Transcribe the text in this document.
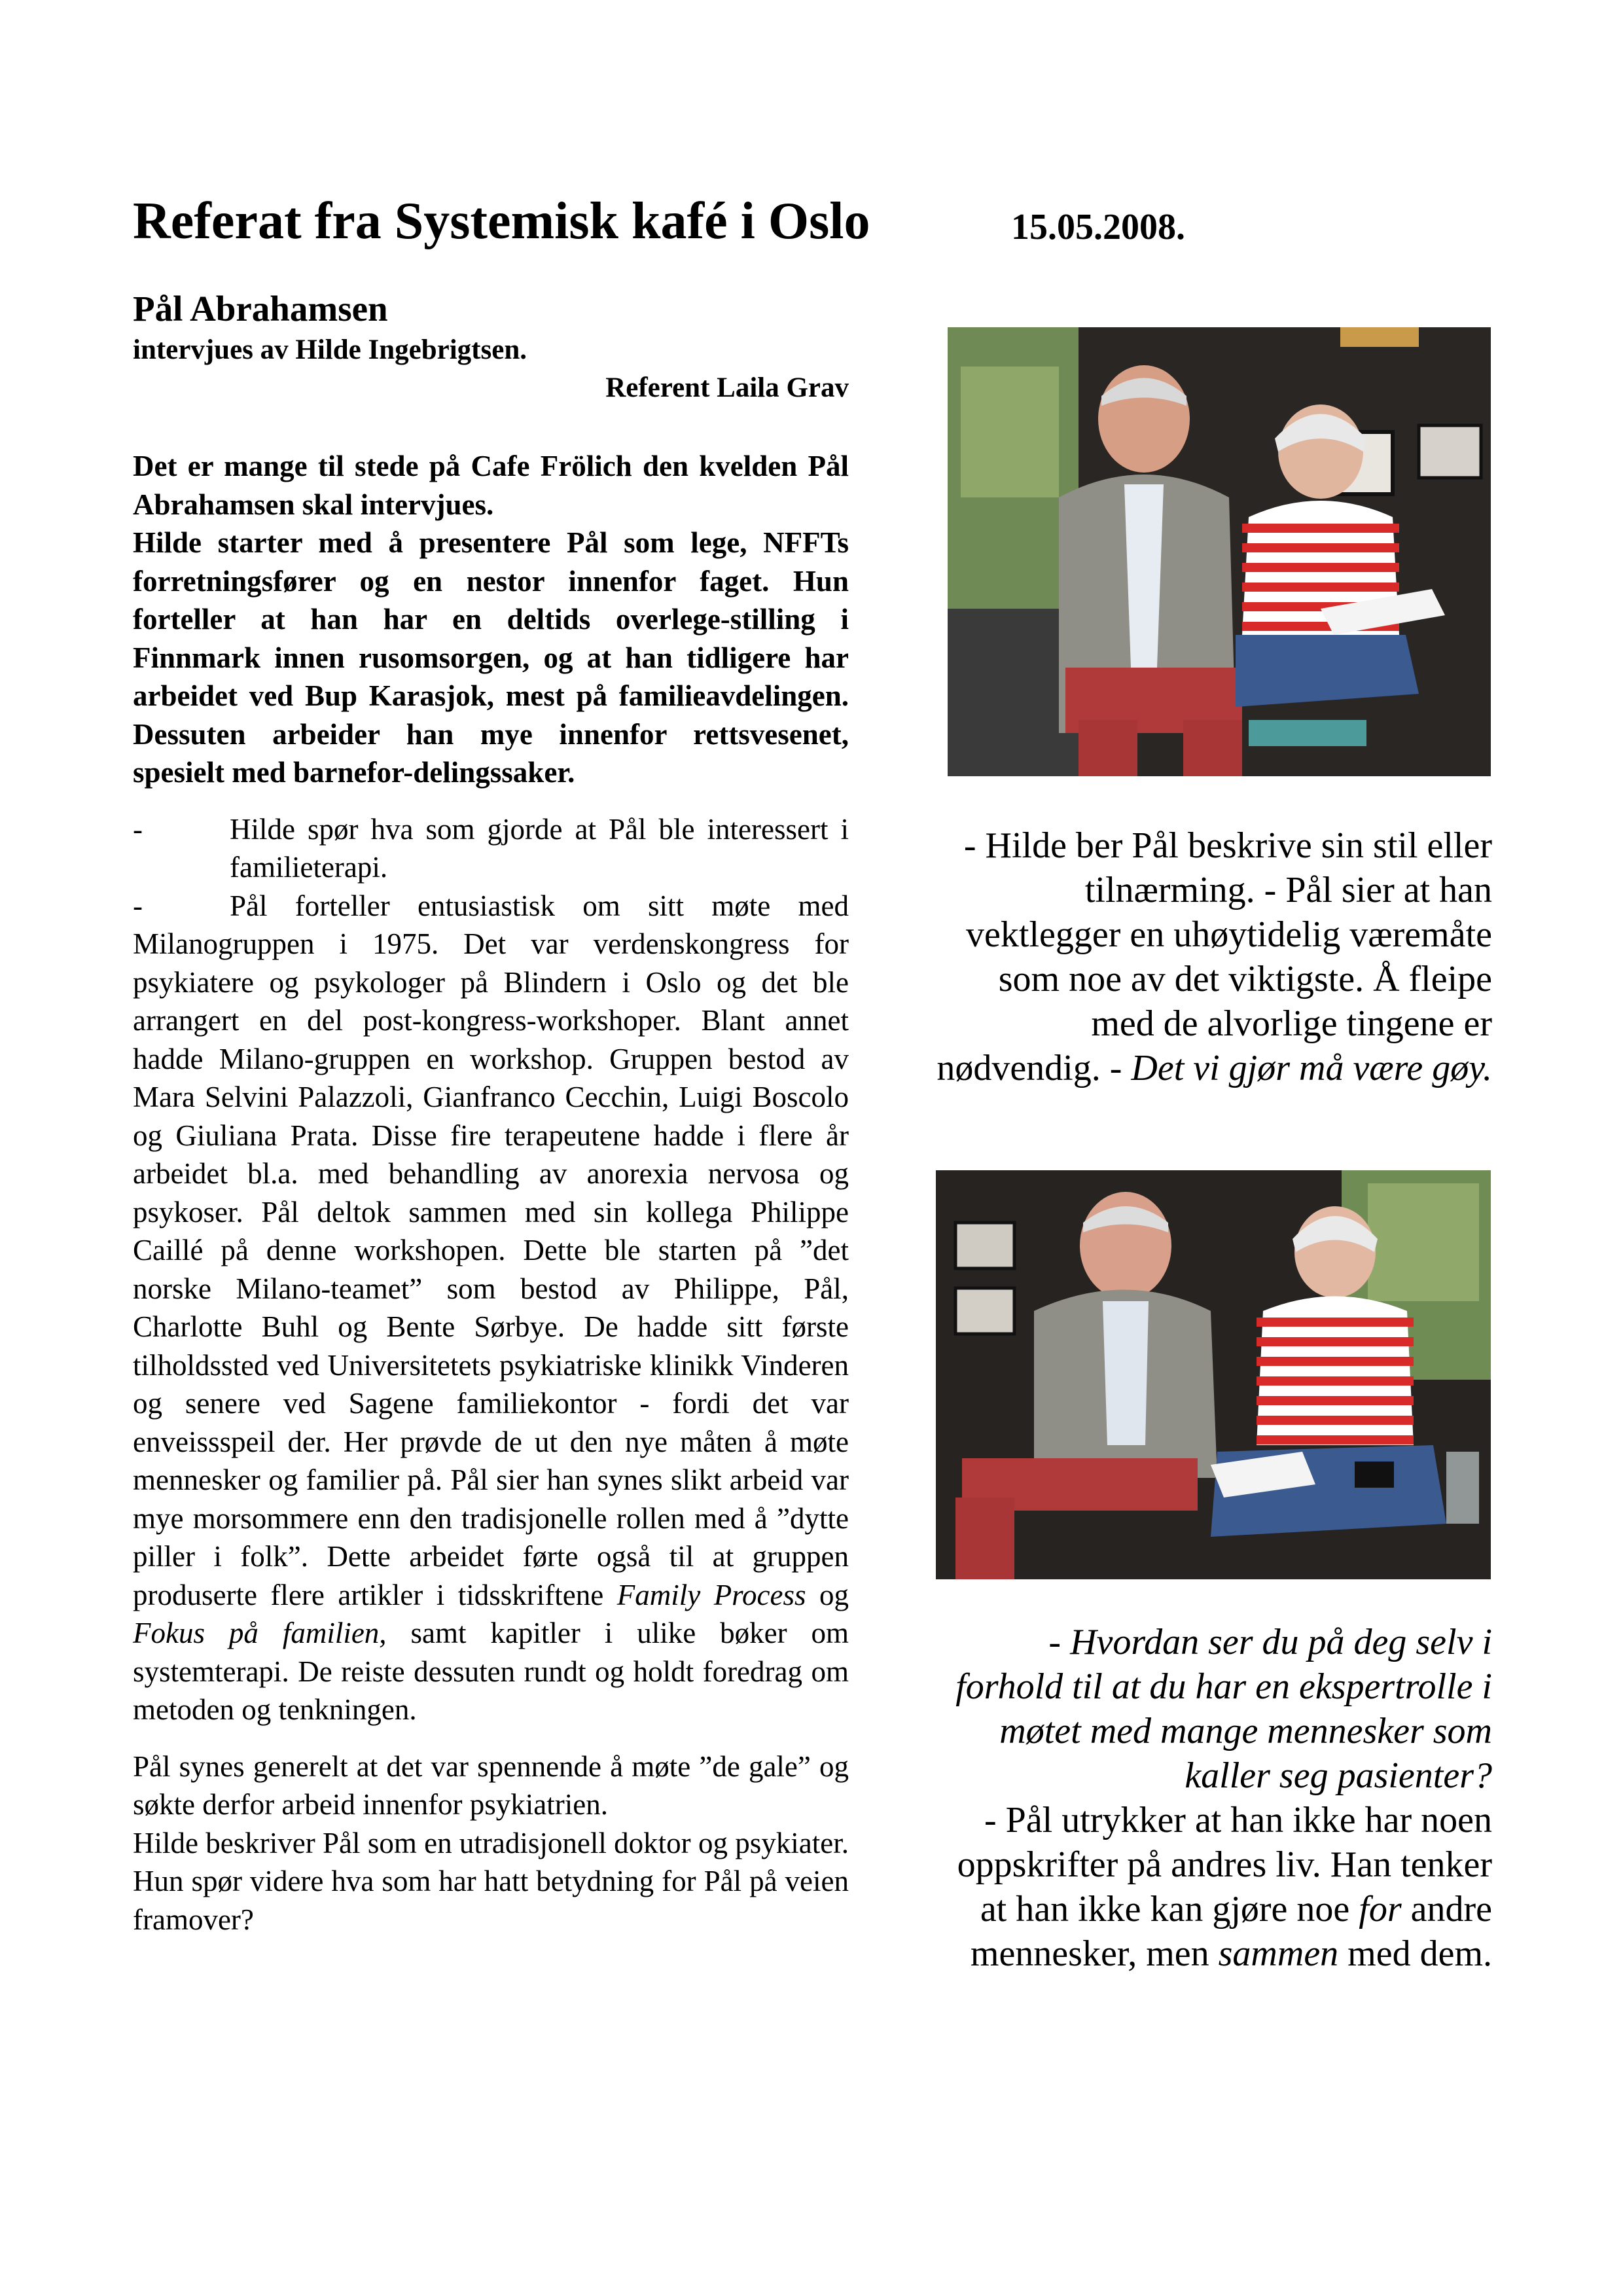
Referat fra Systemisk kafé i Oslo	15.05.2008.
Pål Abrahamsen
intervjues av Hilde Ingebrigtsen.
Referent Laila Grav

Det er mange til stede på Cafe Frölich den kvelden Pål Abrahamsen skal intervjues.

Hilde starter med å presentere Pål som lege, NFFTs forretningsfører og en nestor innenfor faget. Hun forteller at han har en deltids overlege-stilling i Finnmark innen rusomsorgen, og at han tidligere har arbeidet ved Bup Karasjok, mest på familieavdelingen. Dessuten arbeider han mye innenfor rettsvesenet, spesielt med barnefor-delingssaker.

-	Hilde spør hva som gjorde at Pål ble interessert i familieterapi.

-	Pål forteller entusiastisk om sitt møte med Milanogruppen i 1975. Det var verdenskongress for psykiatere og psykologer på Blindern i Oslo og det ble arrangert en del post-kongress-workshoper. Blant annet hadde Milano-gruppen en workshop. Gruppen bestod av Mara Selvini Palazzoli, Gianfranco Cecchin, Luigi Boscolo og Giuliana Prata. Disse fire terapeutene hadde i flere år arbeidet bl.a. med behandling av anorexia nervosa og psykoser. Pål deltok sammen med sin kollega Philippe Caillé på denne workshopen. Dette ble starten på ”det norske Milano-teamet” som bestod av Philippe, Pål, Charlotte Buhl og Bente Sørbye. De hadde sitt første tilholdssted ved Universitetets psykiatriske klinikk Vinderen og senere ved Sagene familiekontor - fordi det var enveissspeil der. Her prøvde de ut den nye måten å møte mennesker og familier på. Pål sier han synes slikt arbeid var mye morsommere enn den tradisjonelle rollen med å ”dytte piller i folk”. Dette arbeidet førte også til at gruppen produserte flere artikler i tidsskriftene Family Process og Fokus på familien, samt kapitler i ulike bøker om systemterapi. De reiste dessuten rundt og holdt foredrag om metoden og tenkningen.

Pål synes generelt at det var spennende å møte ”de gale” og søkte derfor arbeid innenfor psykiatrien.

Hilde beskriver Pål som en utradisjonell doktor og psykiater. Hun spør videre hva som har hatt betydning for Pål på veien framover?

- Hilde ber Pål beskrive sin stil eller tilnærming. - Pål sier at han vektlegger en uhøytidelig væremåte som noe av det viktigste. Å fleipe med de alvorlige tingene er nødvendig. - Det vi gjør må være gøy.

- Hvordan ser du på deg selv i forhold til at du har en ekspertrolle i møtet med mange mennesker som kaller seg pasienter?

- Pål utrykker at han ikke har noen oppskrifter på andres liv. Han tenker at han ikke kan gjøre noe for andre mennesker, men sammen med dem.
